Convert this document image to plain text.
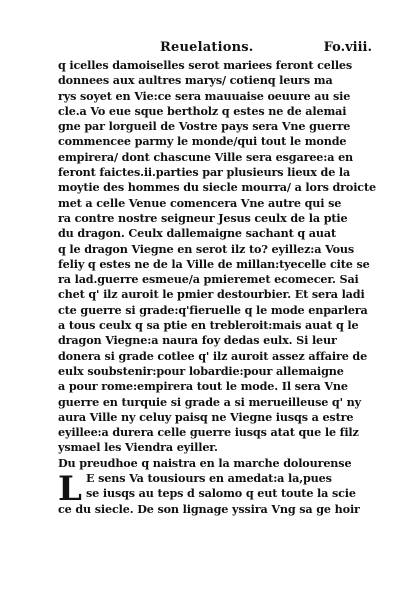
Reuelations.	Fo.viii.
q icelles damoiselles serot mariees feront celles
donnees aux aultres marys/ cotienq leurs ma
rys soyet en Vie:ce sera mauuaise oeuure au sie
cle.a Vo eue sque bertholz q estes ne de alemai
gne par lorgueil de Vostre pays sera Vne guerre
commencee parmy le monde/qui tout le monde
empirera/ dont chascune Ville sera esgaree:a en
feront faictes.ii.parties par plusieurs lieux de la
moytie des hommes du siecle mourra/ a lors droicte
met a celle Venue comencera Vne autre qui se
ra contre nostre seigneur Jesus ceulx de la ptie
du dragon. Ceulx dallemaigne sachant q auat
q le dragon Viegne en serot ilz to? eyillez:a Vous
feliy q estes ne de la Ville de millan:tyecelle cite se
ra lad.guerre esmeue/a pmieremet ecomecer. Sai
chet q' ilz auroit le pmier destourbier. Et sera ladi
cte guerre si grade:q'fieruelle q le mode enparlera
a tous ceulx q sa ptie en trebleroit:mais auat q le
dragon Viegne:a naura foy dedas eulx. Si leur
donera si grade cotlee q' ilz auroit assez affaire de
eulx soubstenir:pour lobardie:pour allemaigne
a pour rome:empirera tout le mode. Il sera Vne
guerre en turquie si grade a si merueilleuse q' ny
aura Ville ny celuy paisq ne Viegne iusqs a estre
eyillee:a durera celle guerre iusqs atat que le filz
ysmael les Viendra eyiller.
Du preudhoe q naistra en la marche dolourense
L E sens Va tousiours en amedat:a la,pues
se iusqs au teps d salomo q eut toute la scie
ce du siecle. De son lignage yssira Vng sa ge hoir
